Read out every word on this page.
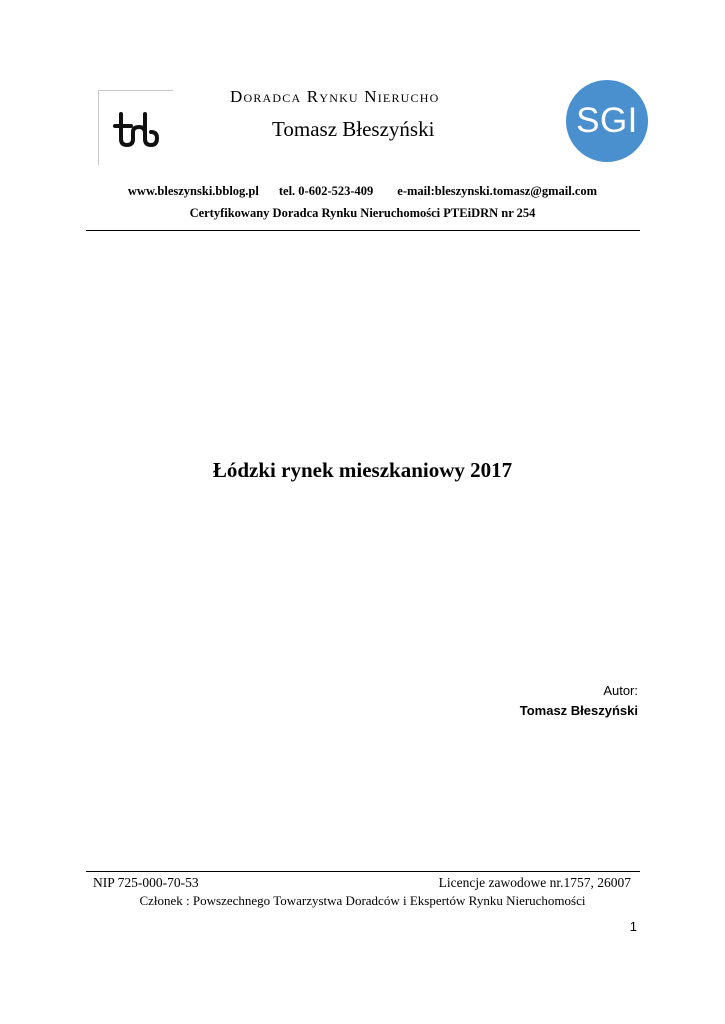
Doradca Rynku Nierucho
Tomasz Błeszyński	SGI
www.bleszynski.bblog.pl tel. 0-602-523-409 e-mail:bleszynski.tomasz@gmail.com
Certyfikowany Doradca Rynku Nieruchomości PTEiDRN nr 254
Łódzki rynek mieszkaniowy 2017
Autor:
Tomasz Błeszyński
NIP 725-000-70-53	Licencje zawodowe nr.1757, 26007
Członek : Powszechnego Towarzystwa Doradców i Ekspertów Rynku Nieruchomości
1
